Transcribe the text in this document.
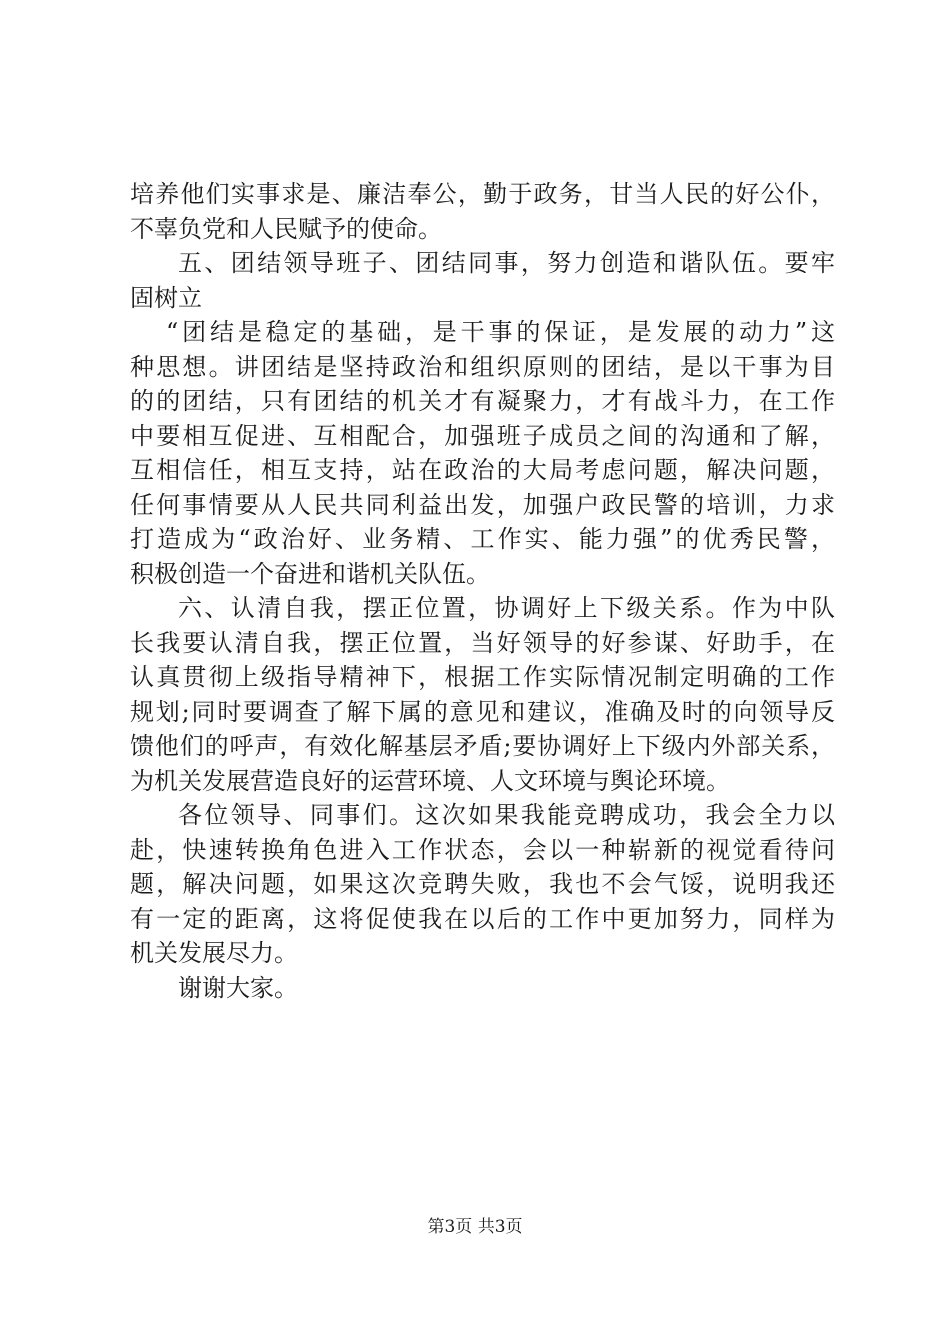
培养他们实事求是、廉洁奉公，勤于政务，甘当人民的好公仆，
不辜负党和人民赋予的使命。
五、团结领导班子、团结同事，努力创造和谐队伍。要牢
固树立
“团结是稳定的基础，是干事的保证，是发展的动力”这
种思想。讲团结是坚持政治和组织原则的团结，是以干事为目
的的团结，只有团结的机关才有凝聚力，才有战斗力，在工作
中要相互促进、互相配合，加强班子成员之间的沟通和了解，
互相信任，相互支持，站在政治的大局考虑问题，解决问题，
任何事情要从人民共同利益出发，加强户政民警的培训，力求
打造成为“政治好、业务精、工作实、能力强”的优秀民警，
积极创造一个奋进和谐机关队伍。
六、认清自我，摆正位置，协调好上下级关系。作为中队
长我要认清自我，摆正位置，当好领导的好参谋、好助手，在
认真贯彻上级指导精神下，根据工作实际情况制定明确的工作
规划;同时要调查了解下属的意见和建议，准确及时的向领导反
馈他们的呼声，有效化解基层矛盾;要协调好上下级内外部关系，
为机关发展营造良好的运营环境、人文环境与舆论环境。
各位领导、同事们。这次如果我能竞聘成功，我会全力以
赴，快速转换角色进入工作状态，会以一种崭新的视觉看待问
题，解决问题，如果这次竞聘失败，我也不会气馁，说明我还
有一定的距离，这将促使我在以后的工作中更加努力，同样为
机关发展尽力。
谢谢大家。
第3页 共3页
